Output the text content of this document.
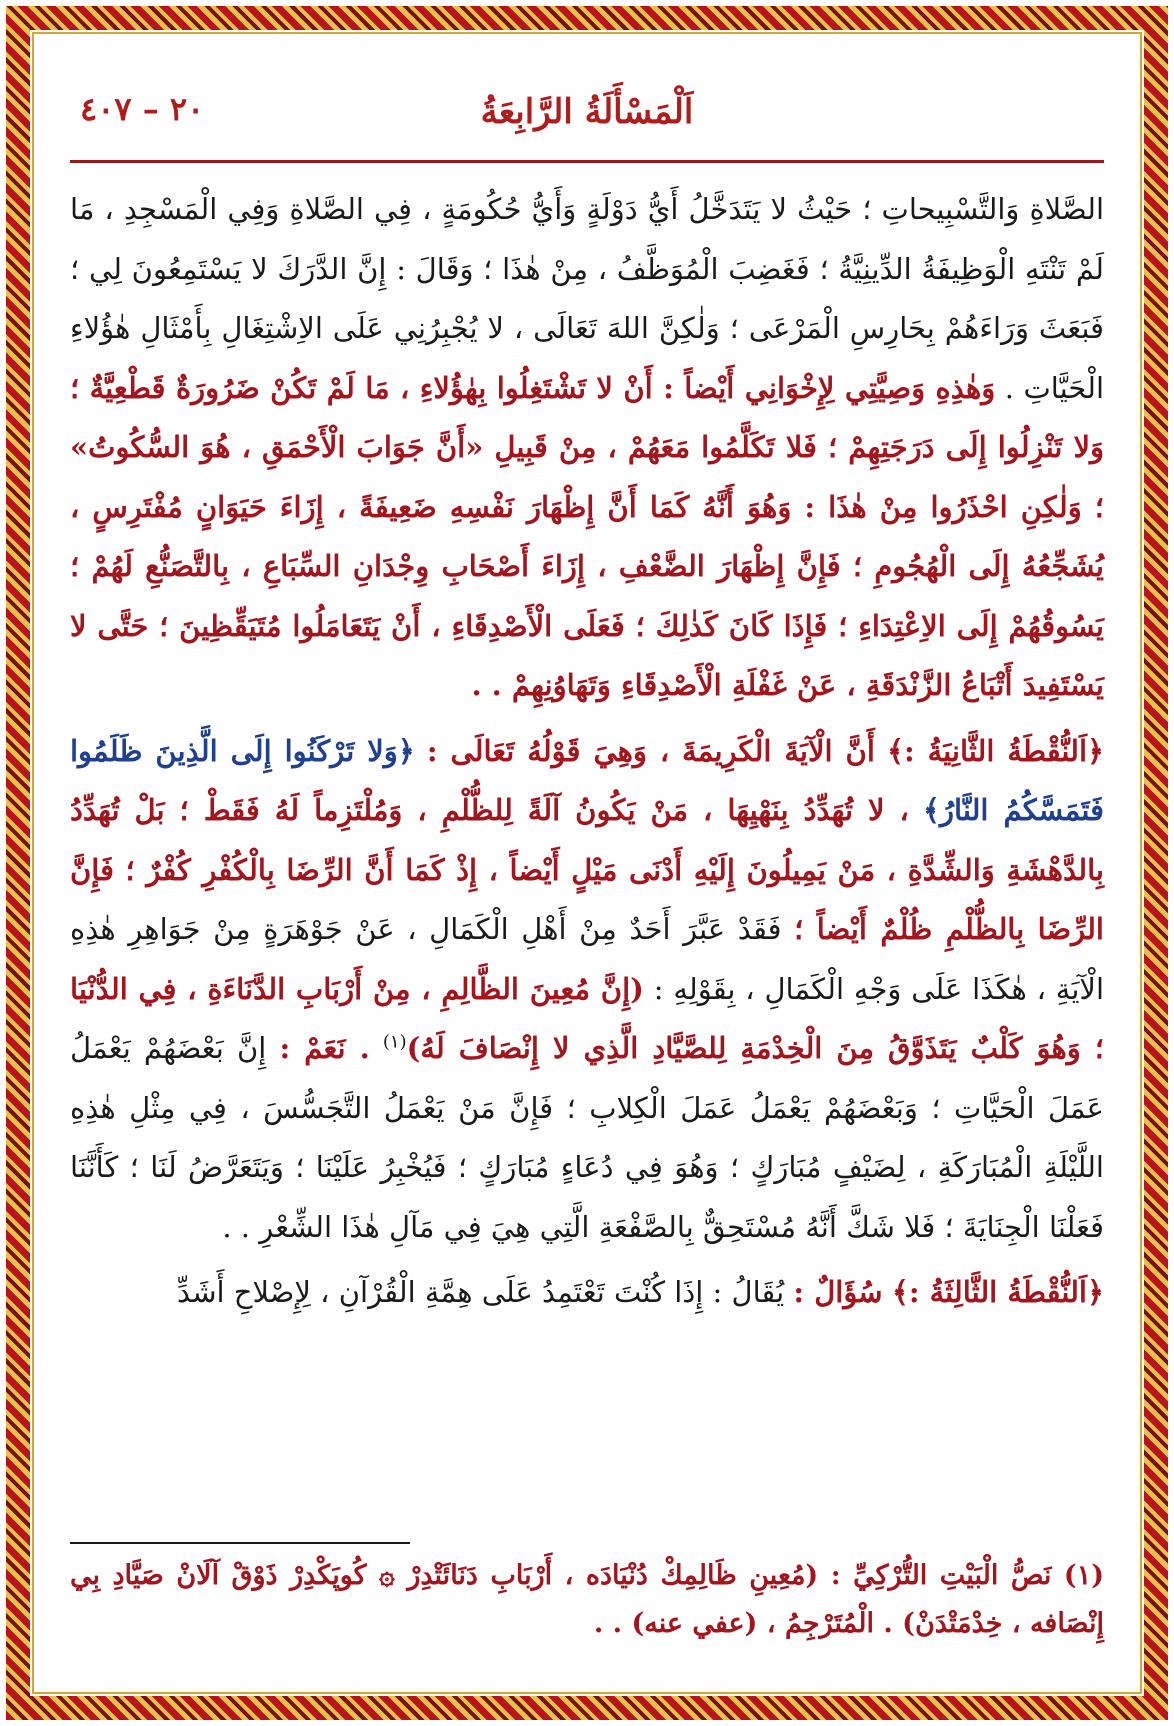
اَلْمَسْأَلَةُ الرَّابِعَةُ
٢٠ – ٤٠٧

الصَّلاةِ وَالتَّسْبِيحاتِ ؛ حَيْثُ لا يَتَدَخَّلُ أَيُّ دَوْلَةٍ وَأَيُّ حُكُومَةٍ ، فِي الصَّلاةِ وَفِي الْمَسْجِدِ ، مَا لَمْ تَنْتَهِ الْوَظِيفَةُ الدِّينِيَّةُ ؛ فَغَضِبَ الْمُوَظَّفُ ، مِنْ هٰذَا ؛ وَقَالَ : إِنَّ الدَّرَكَ لا يَسْتَمِعُونَ لِي ؛ فَبَعَثَ وَرَاءَهُمْ بِحَارِسِ الْمَرْعَى ؛ وَلٰكِنَّ اللهَ تَعَالَى ، لا يُجْبِرُنِي عَلَى الاِشْتِغَالِ بِأَمْثَالِ هٰؤُلاءِ الْحَيَّاتِ . وَهٰذِهِ وَصِيَّتِي لِإِخْوَانِي أَيْضاً : أَنْ لا تَشْتَغِلُوا بِهٰؤُلاءِ ، مَا لَمْ تَكُنْ ضَرُورَةٌ قَطْعِيَّةٌ ؛ وَلا تَنْزِلُوا إِلَى دَرَجَتِهِمْ ؛ فَلا تَكَلَّمُوا مَعَهُمْ ، مِنْ قَبِيلِ «أَنَّ جَوَابَ الْأَحْمَقِ ، هُوَ السُّكُوتُ» ؛ وَلٰكِنِ احْذَرُوا مِنْ هٰذَا : وَهُوَ أَنَّهُ كَمَا أَنَّ إِظْهَارَ نَفْسِهِ ضَعِيفَةً ، إِزَاءَ حَيَوَانٍ مُفْتَرِسٍ ، يُشَجِّعُهُ إِلَى الْهُجُومِ ؛ فَإِنَّ إِظْهَارَ الضَّعْفِ ، إِزَاءَ أَصْحَابِ وِجْدَانِ السِّبَاعِ ، بِالتَّصَنُّعِ لَهُمْ ؛ يَسُوقُهُمْ إِلَى الاِعْتِدَاءِ ؛ فَإِذَا كَانَ كَذٰلِكَ ؛ فَعَلَى الْأَصْدِقَاءِ ، أَنْ يَتَعَامَلُوا مُتَيَقِّظِينَ ؛ حَتَّى لا يَسْتَفِيدَ أَتْبَاعُ الزَّنْدَقَةِ ، عَنْ غَفْلَةِ الْأَصْدِقَاءِ وَتَهَاوُنِهِمْ . .

﴿اَلنُّقْطَةُ الثَّانِيَةُ :﴾ أَنَّ الْآيَةَ الْكَرِيمَةَ ، وَهِيَ قَوْلُهُ تَعَالَى : ﴿وَلا تَرْكَنُوا إِلَى الَّذِينَ ظَلَمُوا فَتَمَسَّكُمُ النَّارُ﴾ ، لا تُهَدِّدُ بِنَهْيِهَا ، مَنْ يَكُونُ آلَةً لِلظُّلْمِ ، وَمُلْتَزِماً لَهُ فَقَطْ ؛ بَلْ تُهَدِّدُ بِالدَّهْشَةِ وَالشِّدَّةِ ، مَنْ يَمِيلُونَ إِلَيْهِ أَدْنَى مَيْلٍ أَيْضاً ، إِذْ كَمَا أَنَّ الرِّضَا بِالْكُفْرِ كُفْرٌ ؛ فَإِنَّ الرِّضَا بِالظُّلْمِ ظُلْمٌ أَيْضاً ؛ فَقَدْ عَبَّرَ أَحَدٌ مِنْ أَهْلِ الْكَمَالِ ، عَنْ جَوْهَرَةٍ مِنْ جَوَاهِرِ هٰذِهِ الْآيَةِ ، هٰكَذَا عَلَى وَجْهِ الْكَمَالِ ، بِقَوْلِهِ : (إِنَّ مُعِينَ الظَّالِمِ ، مِنْ أَرْبَابِ الدَّنَاءَةِ ، فِي الدُّنْيَا ؛ وَهُوَ كَلْبٌ يَتَذَوَّقُ مِنَ الْخِدْمَةِ لِلصَّيَّادِ الَّذِي لا إِنْصَافَ لَهُ)$^{(١)}$ . نَعَمْ : إِنَّ بَعْضَهُمْ يَعْمَلُ عَمَلَ الْحَيَّاتِ ؛ وَبَعْضَهُمْ يَعْمَلُ عَمَلَ الْكِلابِ ؛ فَإِنَّ مَنْ يَعْمَلُ التَّجَسُّسَ ، فِي مِثْلِ هٰذِهِ اللَّيْلَةِ الْمُبَارَكَةِ ، لِضَيْفٍ مُبَارَكٍ ؛ وَهُوَ فِي دُعَاءٍ مُبَارَكٍ ؛ فَيُخْبِرُ عَلَيْنَا ؛ وَيَتَعَرَّضُ لَنَا ؛ كَأَنَّنَا فَعَلْنَا الْجِنَايَةَ ؛ فَلا شَكَّ أَنَّهُ مُسْتَحِقٌّ بِالصَّفْعَةِ الَّتِي هِيَ فِي مَآلِ هٰذَا الشِّعْرِ . .

﴿اَلنُّقْطَةُ الثَّالِثَةُ :﴾ سُؤَالٌ : يُقَالُ : إِذَا كُنْتَ تَعْتَمِدُ عَلَى هِمَّةِ الْقُرْآنِ ، لِإِصْلاحِ أَشَدِّ

(١) نَصُّ الْبَيْتِ التُّرْكِيِّ : (مُعِينِ ظَالِمِكْ دُنْيَادَه ، أَرْبَابِ دَنَائَتْدِرْ ۞ كُوپَكْدِرْ ذَوْقْ آلَانْ صَيَّادِ بِي إِنْصَافه ، خِدْمَتْدَنْ) . الْمُتَرْجِمُ ، (عفي عنه) . .
